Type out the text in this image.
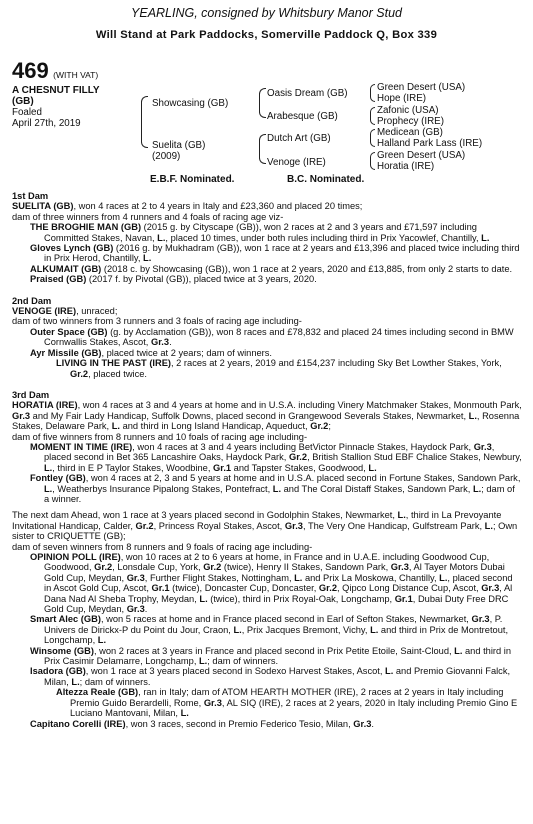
YEARLING, consigned by Whitsbury Manor Stud
Will Stand at Park Paddocks, Somerville Paddock Q, Box 339
469 (WITH VAT)
A CHESNUT FILLY
(GB)
Foaled
April 27th, 2019
Showcasing (GB)
Suelita (GB)
(2009)
Oasis Dream (GB)
Arabesque (GB)
Dutch Art (GB)
Venoge (IRE)
Green Desert (USA)
Hope (IRE)
Zafonic (USA)
Prophecy (IRE)
Medicean (GB)
Halland Park Lass (IRE)
Green Desert (USA)
Horatia (IRE)
E.B.F. Nominated.	B.C. Nominated.
1st Dam

SUELITA (GB), won 4 races at 2 to 4 years in Italy and £23,360 and placed 20 times;

dam of three winners from 4 runners and 4 foals of racing age viz-

THE BROGHIE MAN (GB) (2015 g. by Cityscape (GB)), won 2 races at 2 and 3 years and £71,597 including Committed Stakes, Navan, L., placed 10 times, under both rules including third in Prix Yacowlef, Chantilly, L.

Gloves Lynch (GB) (2016 g. by Mukhadram (GB)), won 1 race at 2 years and £13,396 and placed twice including third in Prix Herod, Chantilly, L.

ALKUMAIT (GB) (2018 c. by Showcasing (GB)), won 1 race at 2 years, 2020 and £13,885, from only 2 starts to date.

Praised (GB) (2017 f. by Pivotal (GB)), placed twice at 3 years, 2020.

2nd Dam

VENOGE (IRE), unraced;

dam of two winners from 3 runners and 3 foals of racing age including-

Outer Space (GB) (g. by Acclamation (GB)), won 8 races and £78,832 and placed 24 times including second in BMW Cornwallis Stakes, Ascot, Gr.3.

Ayr Missile (GB), placed twice at 2 years; dam of winners.

LIVING IN THE PAST (IRE), 2 races at 2 years, 2019 and £154,237 including Sky Bet Lowther Stakes, York, Gr.2, placed twice.

3rd Dam

HORATIA (IRE), won 4 races at 3 and 4 years at home and in U.S.A. including Vinery Matchmaker Stakes, Monmouth Park, Gr.3 and My Fair Lady Handicap, Suffolk Downs, placed second in Grangewood Severals Stakes, Newmarket, L., Rosenna Stakes, Delaware Park, L. and third in Long Island Handicap, Aqueduct, Gr.2;

dam of five winners from 8 runners and 10 foals of racing age including-

MOMENT IN TIME (IRE), won 4 races at 3 and 4 years including BetVictor Pinnacle Stakes, Haydock Park, Gr.3, placed second in Bet 365 Lancashire Oaks, Haydock Park, Gr.2, British Stallion Stud EBF Chalice Stakes, Newbury, L., third in E P Taylor Stakes, Woodbine, Gr.1 and Tapster Stakes, Goodwood, L.

Fontley (GB), won 4 races at 2, 3 and 5 years at home and in U.S.A. placed second in Fortune Stakes, Sandown Park, L., Weatherbys Insurance Pipalong Stakes, Pontefract, L. and The Coral Distaff Stakes, Sandown Park, L.; dam of a winner.

The next dam Ahead, won 1 race at 3 years placed second in Godolphin Stakes, Newmarket, L., third in La Prevoyante Invitational Handicap, Calder, Gr.2, Princess Royal Stakes, Ascot, Gr.3, The Very One Handicap, Gulfstream Park, L.; Own sister to CRIQUETTE (GB);

dam of seven winners from 8 runners and 9 foals of racing age including-

OPINION POLL (IRE), won 10 races at 2 to 6 years at home, in France and in U.A.E. including Goodwood Cup, Goodwood, Gr.2, Lonsdale Cup, York, Gr.2 (twice), Henry II Stakes, Sandown Park, Gr.3, Al Tayer Motors Dubai Gold Cup, Meydan, Gr.3, Further Flight Stakes, Nottingham, L. and Prix La Moskowa, Chantilly, L., placed second in Ascot Gold Cup, Ascot, Gr.1 (twice), Doncaster Cup, Doncaster, Gr.2, Qipco Long Distance Cup, Ascot, Gr.3, Al Dana Nad Al Sheba Trophy, Meydan, L. (twice), third in Prix Royal-Oak, Longchamp, Gr.1, Dubai Duty Free DRC Gold Cup, Meydan, Gr.3.

Smart Alec (GB), won 5 races at home and in France placed second in Earl of Sefton Stakes, Newmarket, Gr.3, P. Univers de Dirickx-P du Point du Jour, Craon, L., Prix Jacques Bremont, Vichy, L. and third in Prix de Montretout, Longchamp, L.

Winsome (GB), won 2 races at 3 years in France and placed second in Prix Petite Etoile, Saint-Cloud, L. and third in Prix Casimir Delamarre, Longchamp, L.; dam of winners.

Isadora (GB), won 1 race at 3 years placed second in Sodexo Harvest Stakes, Ascot, L. and Premio Giovanni Falck, Milan, L.; dam of winners.

Altezza Reale (GB), ran in Italy; dam of ATOM HEARTH MOTHER (IRE), 2 races at 2 years in Italy including Premio Guido Berardelli, Rome, Gr.3, AL SIQ (IRE), 2 races at 2 years, 2020 in Italy including Premio Gino E Luciano Mantovani, Milan, L.

Capitano Corelli (IRE), won 3 races, second in Premio Federico Tesio, Milan, Gr.3.
